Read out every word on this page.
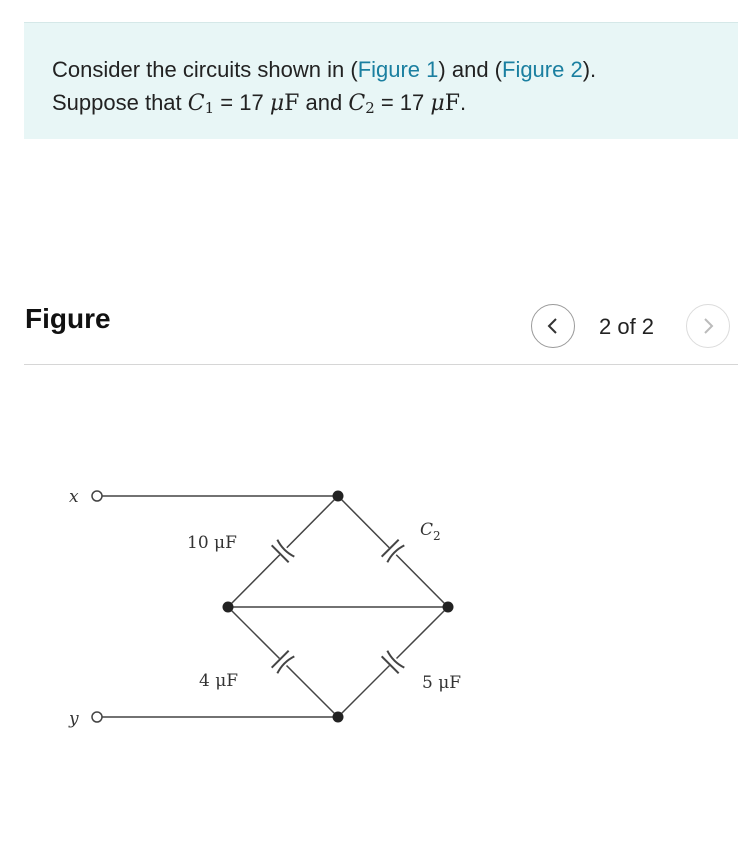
Consider the circuits shown in (Figure 1) and (Figure 2).
Suppose that $C_1 = 17$ μF and $C_2 = 17$ μF.
Figure	2 of 2
x
y
10 μF
$C_2$
4 μF	5 μF
